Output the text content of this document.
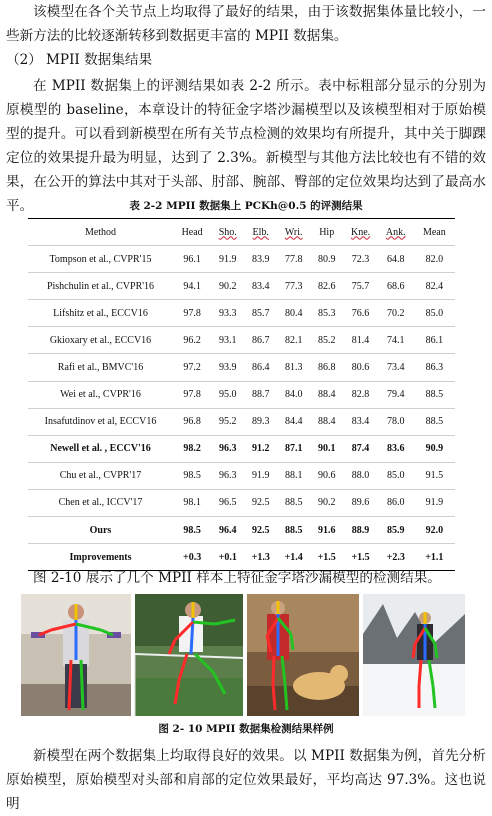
该模型在各个关节点上均取得了最好的结果，由于该数据集体量比较小，一些新方法的比较逐渐转移到数据更丰富的 MPII 数据集。
（2） MPII 数据集结果
在 MPII 数据集上的评测结果如表 2-2 所示。表中标粗部分显示的分别为原模型的 baseline，本章设计的特征金字塔沙漏模型以及该模型相对于原始模型的提升。可以看到新模型在所有关节点检测的效果均有所提升，其中关于脚踝定位的效果提升最为明显，达到了 2.3%。新模型与其他方法比较也有不错的效果，在公开的算法中其对于头部、肘部、腕部、臀部的定位效果均达到了最高水平。	表 2-2 MPII 数据集上 PCKh@0.5 的评测结果
Method	Head	Sho.	Elb.	Wri.	Hip	Kne.	Ank.	Mean
Tompson et al., CVPR'15	96.1	91.9	83.9	77.8	80.9	72.3	64.8	82.0
Pishchulin et al., CVPR'16	94.1	90.2	83.4	77.3	82.6	75.7	68.6	82.4
Lifshitz et al., ECCV16	97.8	93.3	85.7	80.4	85.3	76.6	70.2	85.0
Gkioxary et al., ECCV16	96.2	93.1	86.7	82.1	85.2	81.4	74.1	86.1
Rafi et al., BMVC'16	97.2	93.9	86.4	81.3	86.8	80.6	73.4	86.3
Wei et al., CVPR'16	97.8	95.0	88.7	84.0	88.4	82.8	79.4	88.5
Insafutdinov et al, ECCV16	96.8	95.2	89.3	84.4	88.4	83.4	78.0	88.5
Newell et al. , ECCV'16	98.2	96.3	91.2	87.1	90.1	87.4	83.6	90.9
Chu et al., CVPR'17	98.5	96.3	91.9	88.1	90.6	88.0	85.0	91.5
Chen et al., ICCV'17	98.1	96.5	92.5	88.5	90.2	89.6	86.0	91.9
Ours	98.5	96.4	92.5	88.5	91.6	88.9	85.9	92.0
Improvements	+0.3	+0.1	+1.3	+1.4	+1.5	+1.5	+2.3	+1.1
图 2-10 展示了几个 MPII 样本上特征金字塔沙漏模型的检测结果。
图 2- 10 MPII 数据集检测结果样例
新模型在两个数据集上均取得良好的效果。以 MPII 数据集为例，首先分析原始模型，原始模型对头部和肩部的定位效果最好，平均高达 97.3%。这也说明
